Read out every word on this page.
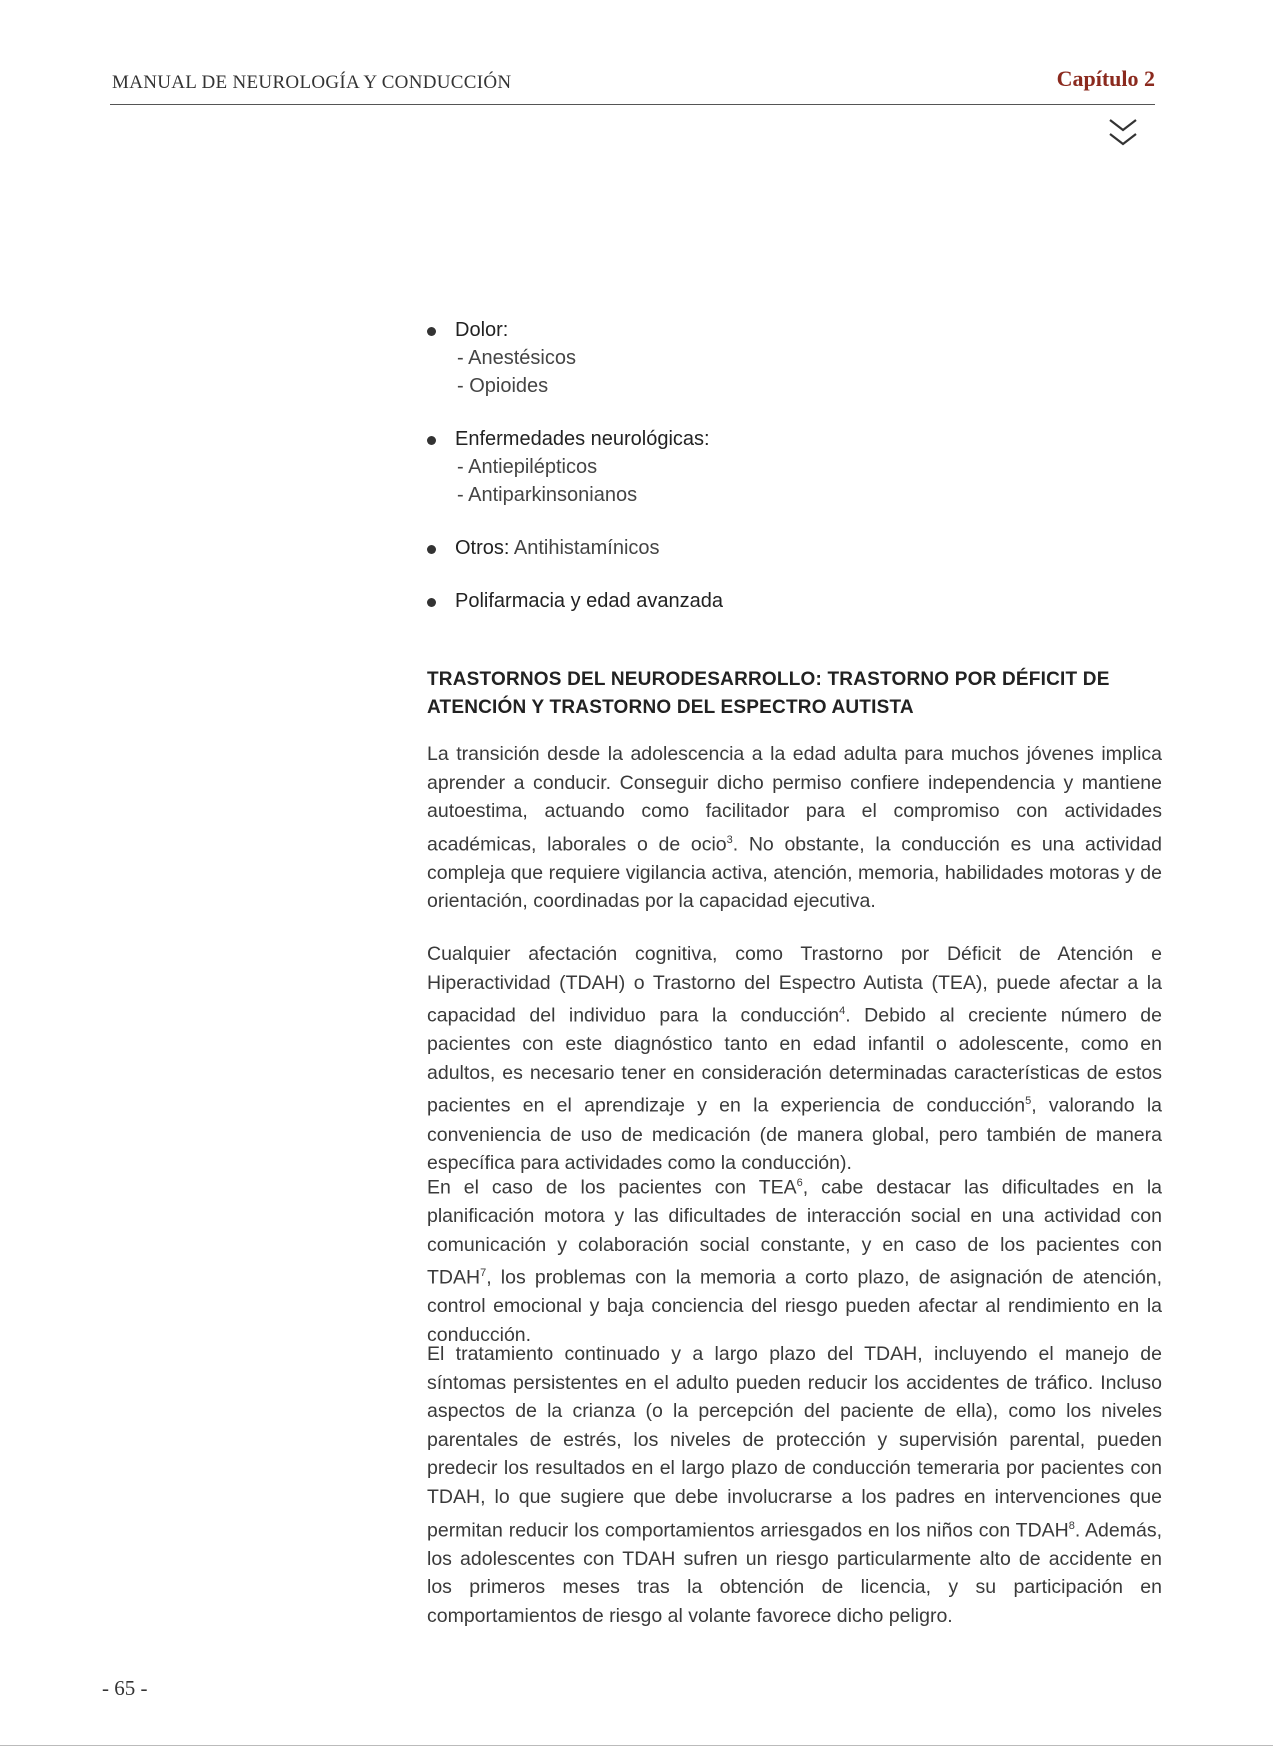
MANUAL DE NEUROLOGÍA Y CONDUCCIÓN	Capítulo 2
Dolor:
- Anestésicos
- Opioides
Enfermedades neurológicas:
- Antiepilépticos
- Antiparkinsonianos
Otros: Antihistamínicos
Polifarmacia y edad avanzada
TRASTORNOS DEL NEURODESARROLLO: TRASTORNO POR DÉFICIT DE ATENCIÓN Y TRASTORNO DEL ESPECTRO AUTISTA

La transición desde la adolescencia a la edad adulta para muchos jóvenes implica aprender a conducir. Conseguir dicho permiso confiere independencia y mantiene autoestima, actuando como facilitador para el compromiso con actividades académicas, laborales o de ocio$^3$. No obstante, la conducción es una actividad compleja que requiere vigilancia activa, atención, memoria, habilidades motoras y de orientación, coordinadas por la capacidad ejecutiva.

Cualquier afectación cognitiva, como Trastorno por Déficit de Atención e Hiperactividad (TDAH) o Trastorno del Espectro Autista (TEA), puede afectar a la capacidad del individuo para la conducción$^4$. Debido al creciente número de pacientes con este diagnóstico tanto en edad infantil o adolescente, como en adultos, es necesario tener en consideración determinadas características de estos pacientes en el aprendizaje y en la experiencia de conducción$^5$, valorando la conveniencia de uso de medicación (de manera global, pero también de manera específica para actividades como la conducción).

En el caso de los pacientes con TEA$^6$, cabe destacar las dificultades en la planificación motora y las dificultades de interacción social en una actividad con comunicación y colaboración social constante, y en caso de los pacientes con TDAH$^7$, los problemas con la memoria a corto plazo, de asignación de atención, control emocional y baja conciencia del riesgo pueden afectar al rendimiento en la conducción.

El tratamiento continuado y a largo plazo del TDAH, incluyendo el manejo de síntomas persistentes en el adulto pueden reducir los accidentes de tráfico. Incluso aspectos de la crianza (o la percepción del paciente de ella), como los niveles parentales de estrés, los niveles de protección y supervisión parental, pueden predecir los resultados en el largo plazo de conducción temeraria por pacientes con TDAH, lo que sugiere que debe involucrarse a los padres en intervenciones que permitan reducir los comportamientos arriesgados en los niños con TDAH$^8$. Además, los adolescentes con TDAH sufren un riesgo particularmente alto de accidente en los primeros meses tras la obtención de licencia, y su participación en comportamientos de riesgo al volante favorece dicho peligro.

- 65 -
